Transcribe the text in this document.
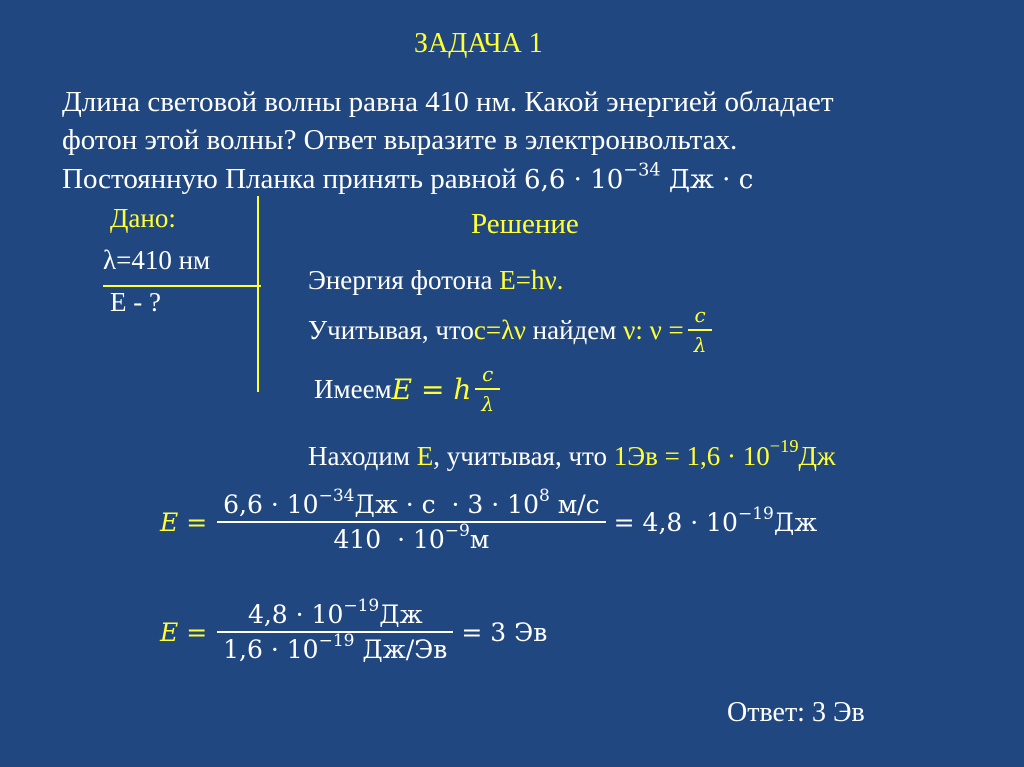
ЗАДАЧА 1
Длина световой волны равна 410 нм. Какой энергией обладает
фотон этой волны? Ответ выразите в электронвольтах.
Постоянную Планка принять равной $6,6 \cdot 10^{-34}$ Дж · с
Дано:
λ=410 нм
E - ?
Решение
Энергия фотона E=hν.
Учитывая, чтоc=λν найдем ν: $\nu = \frac{c}{\lambda}$
ИмеемE = h $\frac{c}{\lambda}$
Находим E, учитывая, что $1Эв = 1,6 \cdot 10^{-19}Дж$
$E = \frac{6,6 \cdot 10^{-34}Дж \cdot с \cdot 3 \cdot 10^8 м/с}{410 \cdot 10^{-9}м} = 4,8 \cdot 10^{-19}Дж$
$E = \frac{4,8 \cdot 10^{-19}Дж}{1,6 \cdot 10^{-19} Дж/Эв} = 3$ Эв
Ответ: 3 Эв
